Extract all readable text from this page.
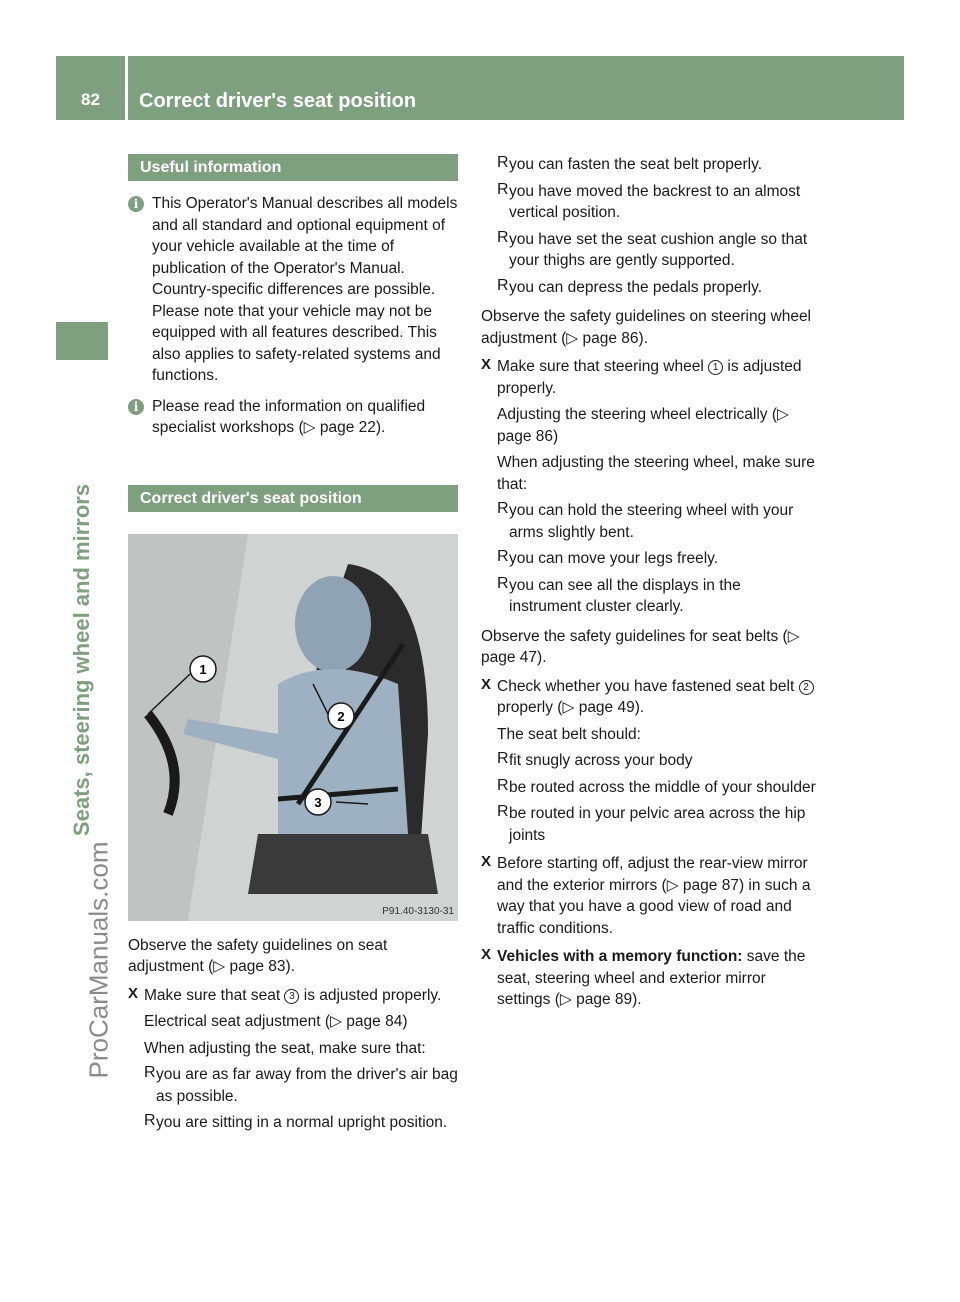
82	Correct driver's seat position
Seats, steering wheel and mirrors
ProCarManuals.com
Useful information
i This Operator's Manual describes all models and all standard and optional equipment of your vehicle available at the time of publication of the Operator's Manual. Country-specific differences are possible. Please note that your vehicle may not be equipped with all features described. This also applies to safety-related systems and functions.

i Please read the information on qualified specialist workshops (▷ page 22).

Correct driver's seat position
1
2
3
P91.40-3130-31

Observe the safety guidelines on seat adjustment (▷ page 83).

X Make sure that seat 3 is adjusted properly.

Electrical seat adjustment (▷ page 84)

When adjusting the seat, make sure that:

R you are as far away from the driver's air bag as possible.

R you are sitting in a normal upright position.

R you can fasten the seat belt properly.

R you have moved the backrest to an almost vertical position.

R you have set the seat cushion angle so that your thighs are gently supported.

R you can depress the pedals properly.

Observe the safety guidelines on steering wheel adjustment (▷ page 86).

X Make sure that steering wheel 1 is adjusted properly.

Adjusting the steering wheel electrically (▷ page 86)

When adjusting the steering wheel, make sure that:

R you can hold the steering wheel with your arms slightly bent.

R you can move your legs freely.

R you can see all the displays in the instrument cluster clearly.

Observe the safety guidelines for seat belts (▷ page 47).

X Check whether you have fastened seat belt 2 properly (▷ page 49).

The seat belt should:

R fit snugly across your body

R be routed across the middle of your shoulder

R be routed in your pelvic area across the hip joints

X Before starting off, adjust the rear-view mirror and the exterior mirrors (▷ page 87) in such a way that you have a good view of road and traffic conditions.

X Vehicles with a memory function: save the seat, steering wheel and exterior mirror settings (▷ page 89).
